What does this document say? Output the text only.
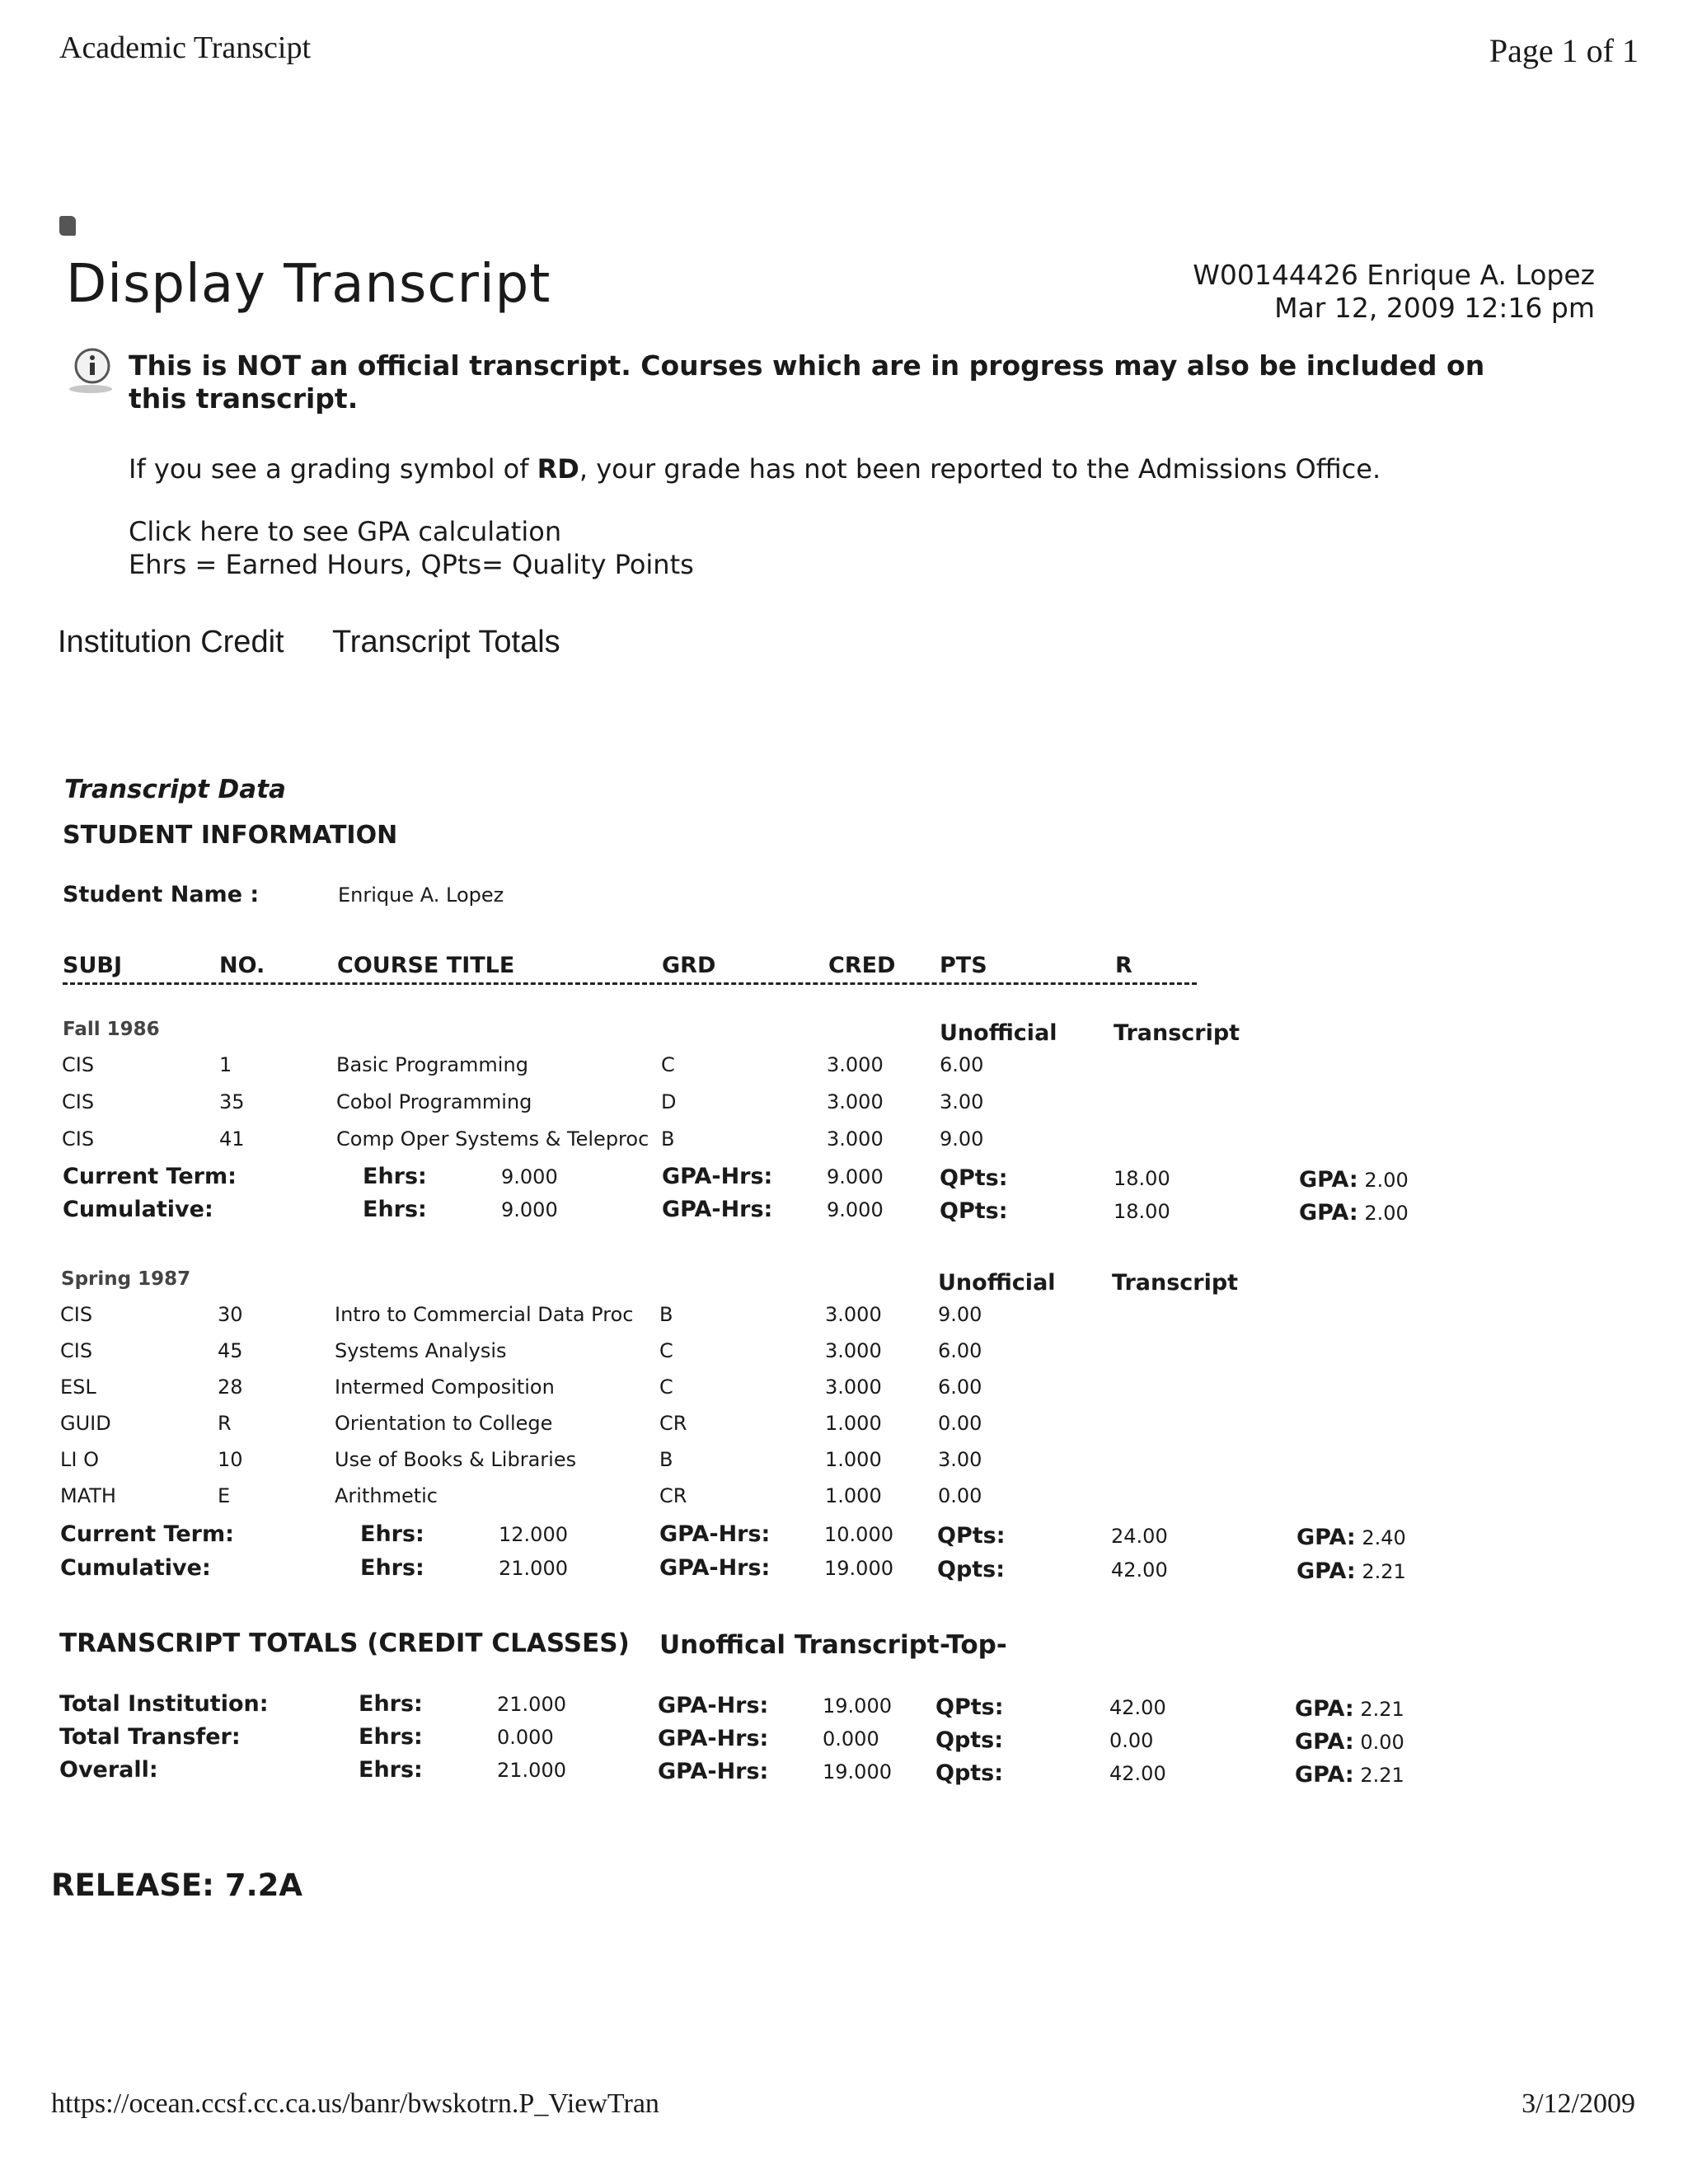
Academic Transcipt	Page 1 of 1
Display Transcript	W00144426 Enrique A. Lopez
Mar 12, 2009 12:16 pm
This is NOT an official transcript. Courses which are in progress may also be included on this transcript.
If you see a grading symbol of RD, your grade has not been reported to the Admissions Office.
Click here to see GPA calculation
Ehrs = Earned Hours, QPts= Quality Points
Institution Credit Transcript Totals
Transcript Data
STUDENT INFORMATION
Student Name :	Enrique A. Lopez
SUBJ	NO.	COURSE TITLE	GRD	CRED PTS	R
Fall 1986	Unofficial	Transcript
CIS	1	Basic Programming	C	3.000	6.00
CIS	35	Cobol Programming	D	3.000	3.00
CIS	41	Comp Oper Systems & Teleproc B	3.000	9.00
Current Term:	Ehrs:	9.000	GPA-Hrs:	9.000	QPts:	18.00	GPA: 2.00
Cumulative:	Ehrs:	9.000	GPA-Hrs:	9.000	QPts:	18.00	GPA: 2.00
Spring 1987	Unofficial	Transcript
CIS	30	Intro to Commercial Data Proc B	3.000	9.00
CIS	45	Systems Analysis	C	3.000	6.00
ESL	28	Intermed Composition	C	3.000	6.00
GUID	R	Orientation to College	CR	1.000	0.00
LI O	10	Use of Books & Libraries	B	1.000	3.00
MATH	E	Arithmetic	CR	1.000	0.00
Current Term:	Ehrs:	12.000	GPA-Hrs:	10.000 QPts:	24.00	GPA: 2.40
Cumulative:	Ehrs:	21.000	GPA-Hrs:	19.000 Qpts:	42.00	GPA: 2.21
TRANSCRIPT TOTALS (CREDIT CLASSES) Unoffical Transcript -Top-
Total Institution:	Ehrs:	21.000	GPA-Hrs:	19.000 QPts:	42.00	GPA: 2.21
Total Transfer:	Ehrs:	0.000	GPA-Hrs:	0.000	Qpts:	0.00	GPA: 0.00
Overall:	Ehrs:	21.000	GPA-Hrs:	19.000 Qpts:	42.00	GPA: 2.21
RELEASE: 7.2A
https://ocean.ccsf.cc.ca.us/banr/bwskotrn.P_ViewTran	3/12/2009
